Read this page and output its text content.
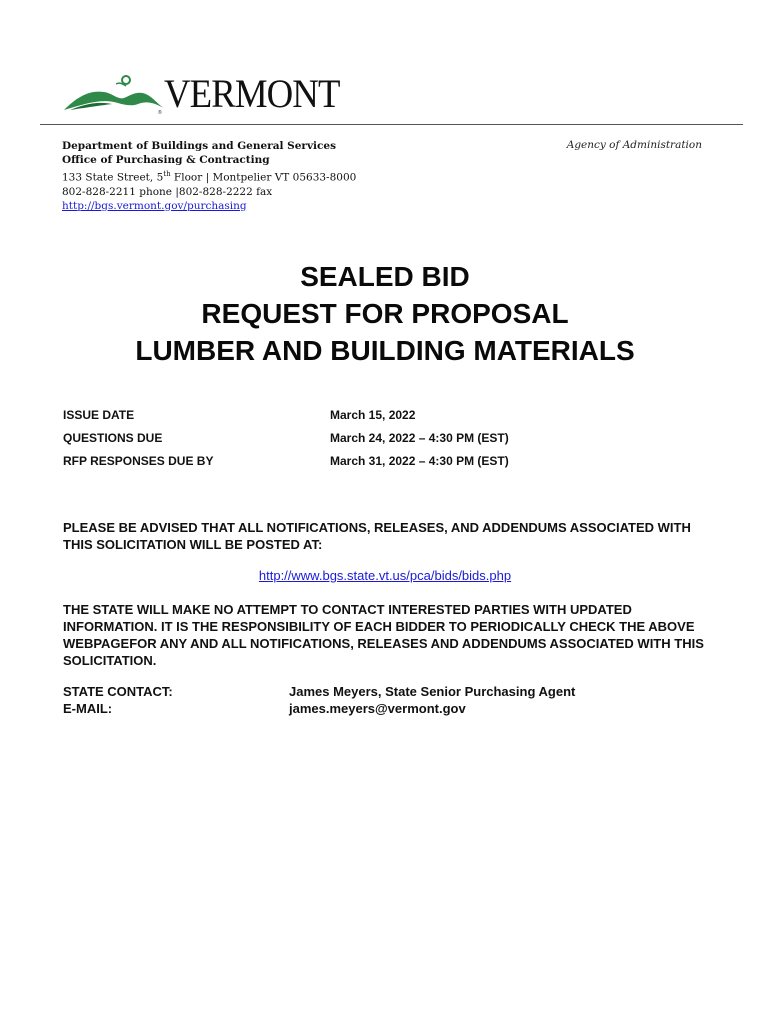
® VERMONT
Department of Buildings and General Services
Office of Purchasing & Contracting
133 State Street, 5th Floor | Montpelier VT 05633-8000
802-828-2211 phone |802-828-2222 fax
http://bgs.vermont.gov/purchasing
Agency of Administration
SEALED BID
REQUEST FOR PROPOSAL
LUMBER AND BUILDING MATERIALS
ISSUE DATE	March 15, 2022
QUESTIONS DUE	March 24, 2022 – 4:30 PM (EST)
RFP RESPONSES DUE BY	March 31, 2022 – 4:30 PM (EST)
PLEASE BE ADVISED THAT ALL NOTIFICATIONS, RELEASES, AND ADDENDUMS ASSOCIATED WITH THIS SOLICITATION WILL BE POSTED AT:
http://www.bgs.state.vt.us/pca/bids/bids.php
THE STATE WILL MAKE NO ATTEMPT TO CONTACT INTERESTED PARTIES WITH UPDATED INFORMATION. IT IS THE RESPONSIBILITY OF EACH BIDDER TO PERIODICALLY CHECK THE ABOVE WEBPAGEFOR ANY AND ALL NOTIFICATIONS, RELEASES AND ADDENDUMS ASSOCIATED WITH THIS SOLICITATION.
STATE CONTACT:	James Meyers, State Senior Purchasing Agent
E-MAIL:	james.meyers@vermont.gov
